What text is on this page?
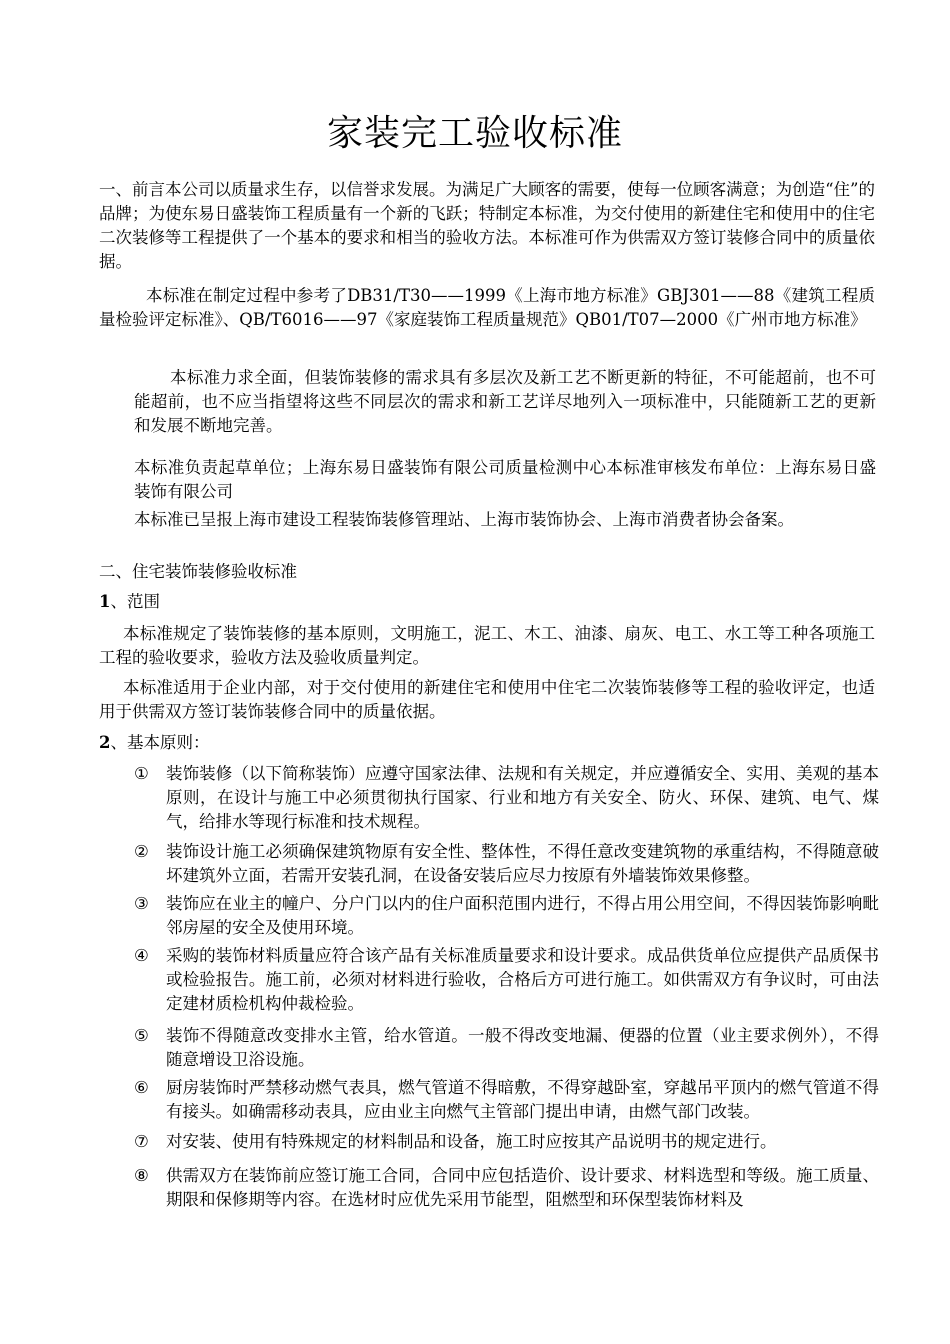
家装完工验收标准

一、前言本公司以质量求生存，以信誉求发展。为满足广大顾客的需要，使每一位顾客满意；为创造“住”的品牌；为使东易日盛装饰工程质量有一个新的飞跃；特制定本标准，为交付使用的新建住宅和使用中的住宅二次装修等工程提供了一个基本的要求和相当的验收方法。本标准可作为供需双方签订装修合同中的质量依据。

本标准在制定过程中参考了DB31/T30——1999《上海市地方标准》GBJ301——88《建筑工程质量检验评定标准》、QB/T6016——97《家庭装饰工程质量规范》QB01/T07—2000《广州市地方标准》

本标准力求全面，但装饰装修的需求具有多层次及新工艺不断更新的特征，不可能超前，也不可能超前，也不应当指望将这些不同层次的需求和新工艺详尽地列入一项标准中，只能随新工艺的更新和发展不断地完善。

本标准负责起草单位；上海东易日盛装饰有限公司质量检测中心本标准审核发布单位：上海东易日盛装饰有限公司

本标准已呈报上海市建设工程装饰装修管理站、上海市装饰协会、上海市消费者协会备案。

二、住宅装饰装修验收标准

1、范围

本标准规定了装饰装修的基本原则，文明施工，泥工、木工、油漆、扇灰、电工、水工等工种各项施工工程的验收要求，验收方法及验收质量判定。

本标准适用于企业内部，对于交付使用的新建住宅和使用中住宅二次装饰装修等工程的验收评定，也适用于供需双方签订装饰装修合同中的质量依据。

2、基本原则：

①	装饰装修（以下简称装饰）应遵守国家法律、法规和有关规定，并应遵循安全、实用、美观的基本原则，在设计与施工中必须贯彻执行国家、行业和地方有关安全、防火、环保、建筑、电气、煤气，给排水等现行标准和技术规程。
②	装饰设计施工必须确保建筑物原有安全性、整体性，不得任意改变建筑物的承重结构，不得随意破坏建筑外立面，若需开安装孔洞，在设备安装后应尽力按原有外墙装饰效果修整。
③	装饰应在业主的幢户、分户门以内的住户面积范围内进行，不得占用公用空间，不得因装饰影响毗邻房屋的安全及使用环境。
④	采购的装饰材料质量应符合该产品有关标准质量要求和设计要求。成品供货单位应提供产品质保书或检验报告。施工前，必须对材料进行验收，合格后方可进行施工。如供需双方有争议时，可由法定建材质检机构仲裁检验。
⑤	装饰不得随意改变排水主管，给水管道。一般不得改变地漏、便器的位置（业主要求例外），不得随意增设卫浴设施。
⑥	厨房装饰时严禁移动燃气表具，燃气管道不得暗敷，不得穿越卧室，穿越吊平顶内的燃气管道不得有接头。如确需移动表具，应由业主向燃气主管部门提出申请，由燃气部门改装。
⑦	对安装、使用有特殊规定的材料制品和设备，施工时应按其产品说明书的规定进行。
⑧	供需双方在装饰前应签订施工合同，合同中应包括造价、设计要求、材料选型和等级。施工质量、期限和保修期等内容。在选材时应优先采用节能型，阻燃型和环保型装饰材料及
